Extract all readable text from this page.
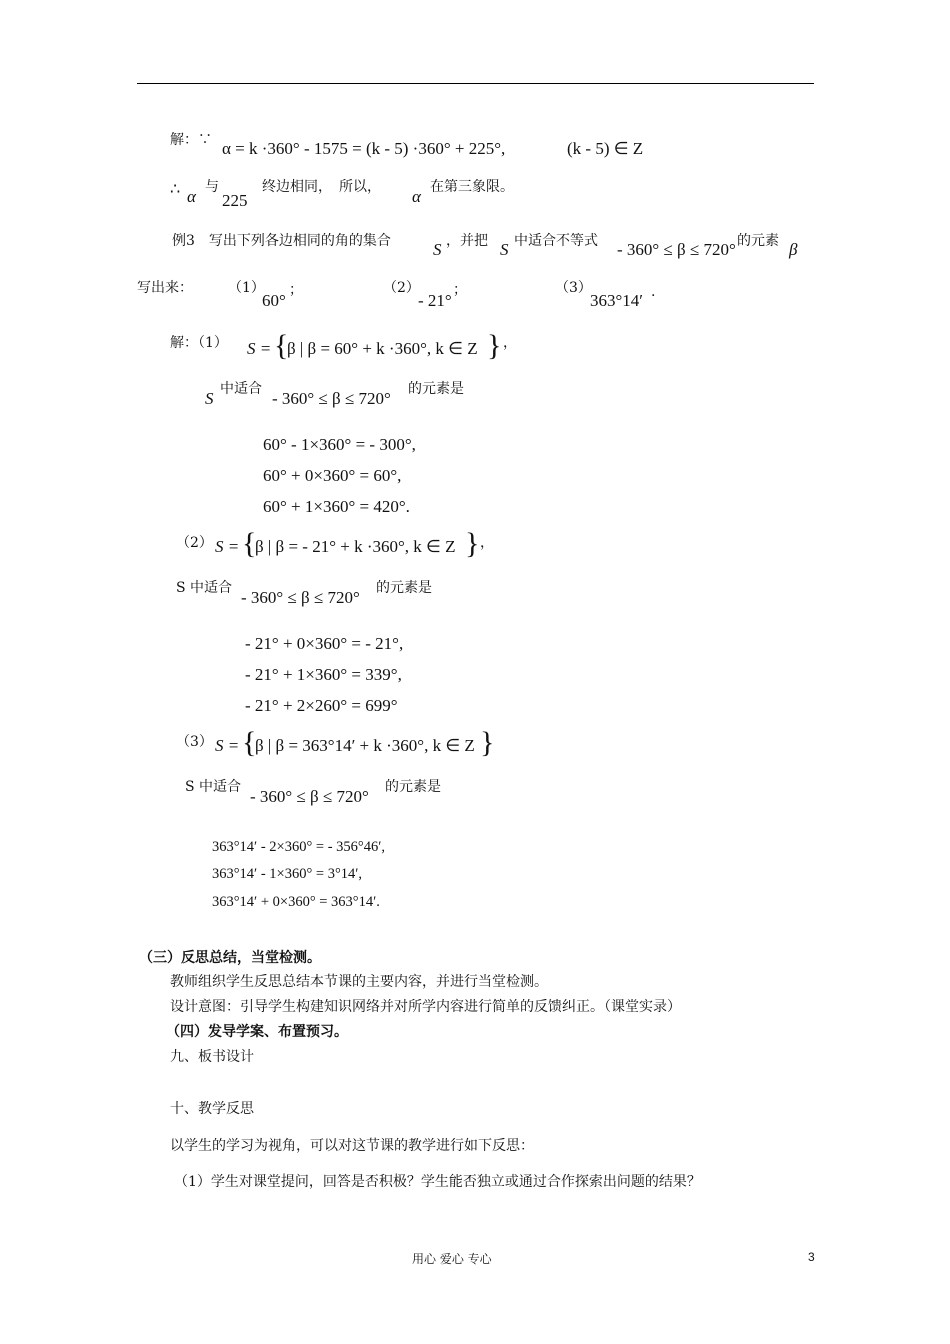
解：∵ α = k ·360° - 1575 = (k - 5) ·360° + 225°,	(k - 5) ∈ Z
∴ α 与
225
终边相同，　所以， α 在第三象限。
例3　写出下列各边相同的角的集合 S ，并把 S 中适合不等式 - 360° ≤ β ≤ 720° 的元素 β
写出来：	（1）
60°
；	（2）
- 21°
；	（3）
363°14′ .
解：（1） S = {
β | β = 60° + k ·360°, k ∈ Z } ，
S 中适合 - 360° ≤ β ≤ 720° 的元素是
60° - 1×360° = - 300°,
60° + 0×360° = 60°,
60° + 1×360° = 420°.
（2） S = {
β | β = - 21° + k ·360°, k ∈ Z } ，
S 中适合 - 360° ≤ β ≤ 720° 的元素是
- 21° + 0×360° = - 21°,
- 21° + 1×360° = 339°,
- 21° + 2×260° = 699°
（3） S = {
β | β = 363°14′ + k ·360°, k ∈ Z }
S 中适合 - 360° ≤ β ≤ 720° 的元素是
363°14′ - 2×360° = - 356°46′,
363°14′ - 1×360° = 3°14′,
363°14′ + 0×360° = 363°14′.
（三）反思总结，当堂检测。
教师组织学生反思总结本节课的主要内容，并进行当堂检测。
设计意图：引导学生构建知识网络并对所学内容进行简单的反馈纠正。（课堂实录）
（四）发导学案、布置预习。
九、板书设计
十、教学反思
以学生的学习为视角，可以对这节课的教学进行如下反思：
（1）学生对课堂提问，回答是否积极？学生能否独立或通过合作探索出问题的结果？
用心 爱心 专心	3
